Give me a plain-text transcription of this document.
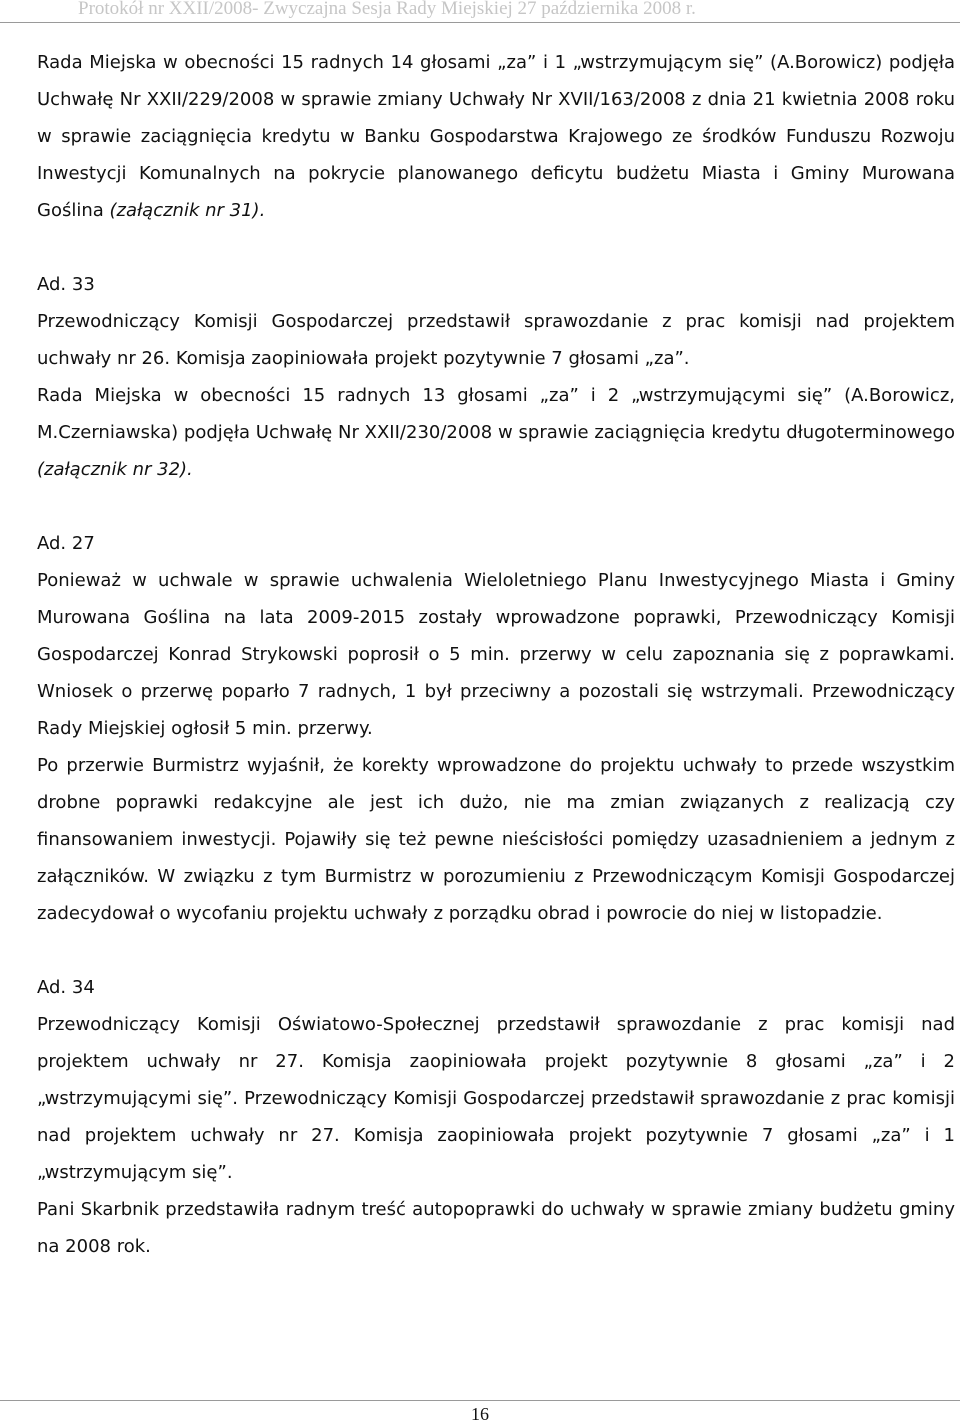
Protokół nr XXII/2008- Zwyczajna Sesja Rady Miejskiej 27 października 2008 r.

Rada Miejska w obecności 15 radnych 14 głosami „za” i 1 „wstrzymującym się” (A.Borowicz) podjęła Uchwałę Nr XXII/229/2008 w sprawie zmiany Uchwały Nr XVII/163/2008 z dnia 21 kwietnia 2008 roku w sprawie zaciągnięcia kredytu w Banku Gospodarstwa Krajowego ze środków Funduszu Rozwoju Inwestycji Komunalnych na pokrycie planowanego deficytu budżetu Miasta i Gminy Murowana Goślina (załącznik nr 31).

Ad. 33

Przewodniczący Komisji Gospodarczej przedstawił sprawozdanie z prac komisji nad projektem uchwały nr 26. Komisja zaopiniowała projekt pozytywnie 7 głosami „za”.

Rada Miejska w obecności 15 radnych 13 głosami „za” i 2 „wstrzymującymi się” (A.Borowicz, M.Czerniawska) podjęła Uchwałę Nr XXII/230/2008 w sprawie zaciągnięcia kredytu długoterminowego (załącznik nr 32).

Ad. 27

Ponieważ w uchwale w sprawie uchwalenia Wieloletniego Planu Inwestycyjnego Miasta i Gminy Murowana Goślina na lata 2009-2015 zostały wprowadzone poprawki, Przewodniczący Komisji Gospodarczej Konrad Strykowski poprosił o 5 min. przerwy w celu zapoznania się z poprawkami. Wniosek o przerwę poparło 7 radnych, 1 był przeciwny a pozostali się wstrzymali. Przewodniczący Rady Miejskiej ogłosił 5 min. przerwy.

Po przerwie Burmistrz wyjaśnił, że korekty wprowadzone do projektu uchwały to przede wszystkim drobne poprawki redakcyjne ale jest ich dużo, nie ma zmian związanych z realizacją czy finansowaniem inwestycji. Pojawiły się też pewne nieścisłości pomiędzy uzasadnieniem a jednym z załączników. W związku z tym Burmistrz w porozumieniu z Przewodniczącym Komisji Gospodarczej zadecydował o wycofaniu projektu uchwały z porządku obrad i powrocie do niej w listopadzie.

Ad. 34

Przewodniczący Komisji Oświatowo-Społecznej przedstawił sprawozdanie z prac komisji nad projektem uchwały nr 27. Komisja zaopiniowała projekt pozytywnie 8 głosami „za” i 2 „wstrzymującymi się”. Przewodniczący Komisji Gospodarczej przedstawił sprawozdanie z prac komisji nad projektem uchwały nr 27. Komisja zaopiniowała projekt pozytywnie 7 głosami „za” i 1 „wstrzymującym się”.

Pani Skarbnik przedstawiła radnym treść autopoprawki do uchwały w sprawie zmiany budżetu gminy na 2008 rok.

16
